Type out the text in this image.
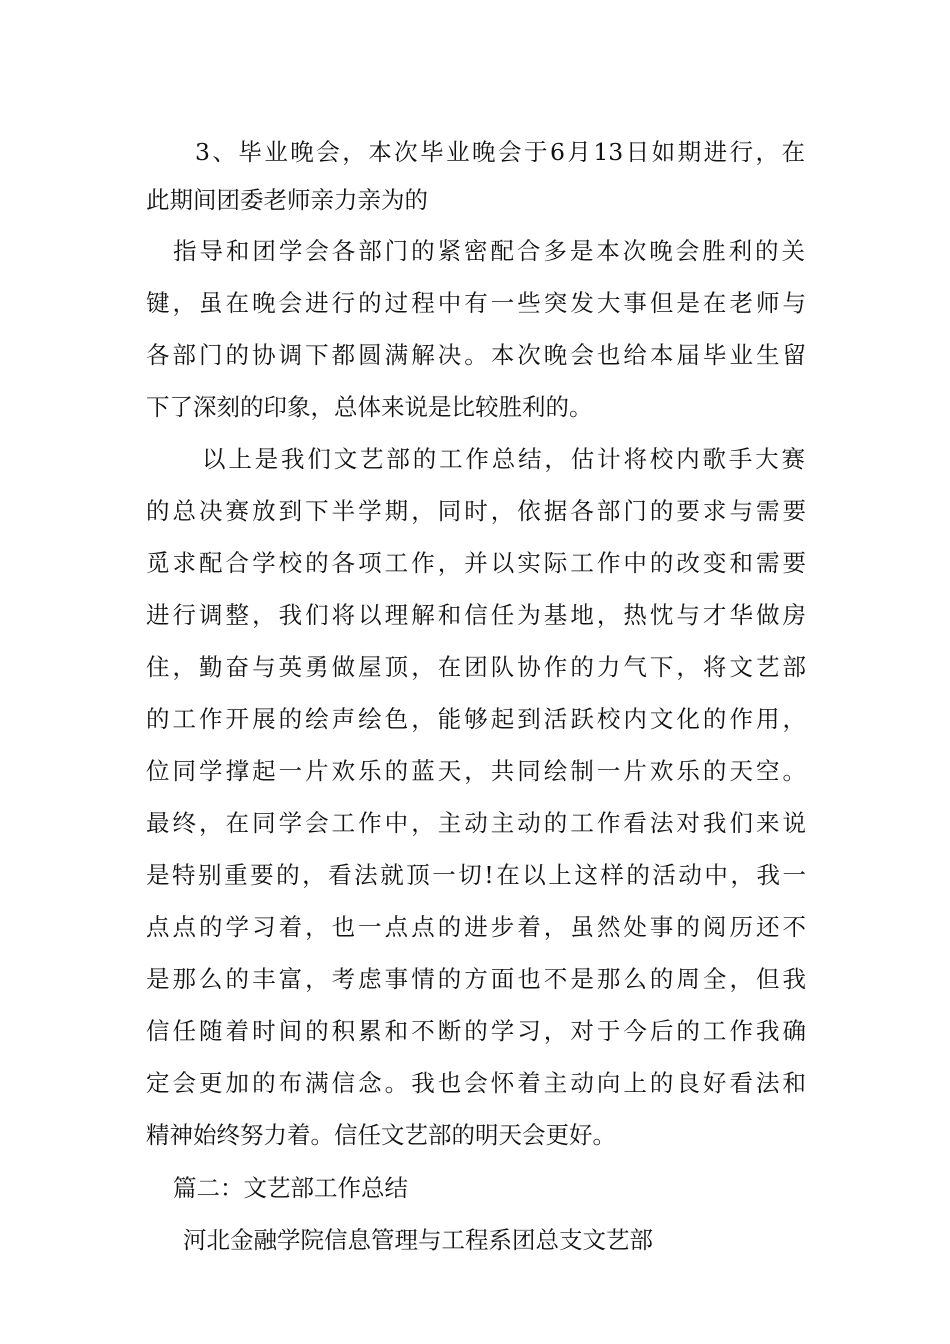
3、毕业晚会，本次毕业晚会于6月13日如期进行，在
此期间团委老师亲力亲为的
指导和团学会各部门的紧密配合多是本次晚会胜利的关
键，虽在晚会进行的过程中有一些突发大事但是在老师与
各部门的协调下都圆满解决。本次晚会也给本届毕业生留
下了深刻的印象，总体来说是比较胜利的。
以上是我们文艺部的工作总结，估计将校内歌手大赛
的总决赛放到下半学期，同时，依据各部门的要求与需要
觅求配合学校的各项工作，并以实际工作中的改变和需要
进行调整，我们将以理解和信任为基地，热忱与才华做房
住，勤奋与英勇做屋顶，在团队协作的力气下，将文艺部
的工作开展的绘声绘色，能够起到活跃校内文化的作用，
位同学撑起一片欢乐的蓝天，共同绘制一片欢乐的天空。
最终，在同学会工作中，主动主动的工作看法对我们来说
是特别重要的，看法就顶一切!在以上这样的活动中，我一
点点的学习着，也一点点的进步着，虽然处事的阅历还不
是那么的丰富，考虑事情的方面也不是那么的周全，但我
信任随着时间的积累和不断的学习，对于今后的工作我确
定会更加的布满信念。我也会怀着主动向上的良好看法和
精神始终努力着。信任文艺部的明天会更好。
篇二：文艺部工作总结
河北金融学院信息管理与工程系团总支文艺部
